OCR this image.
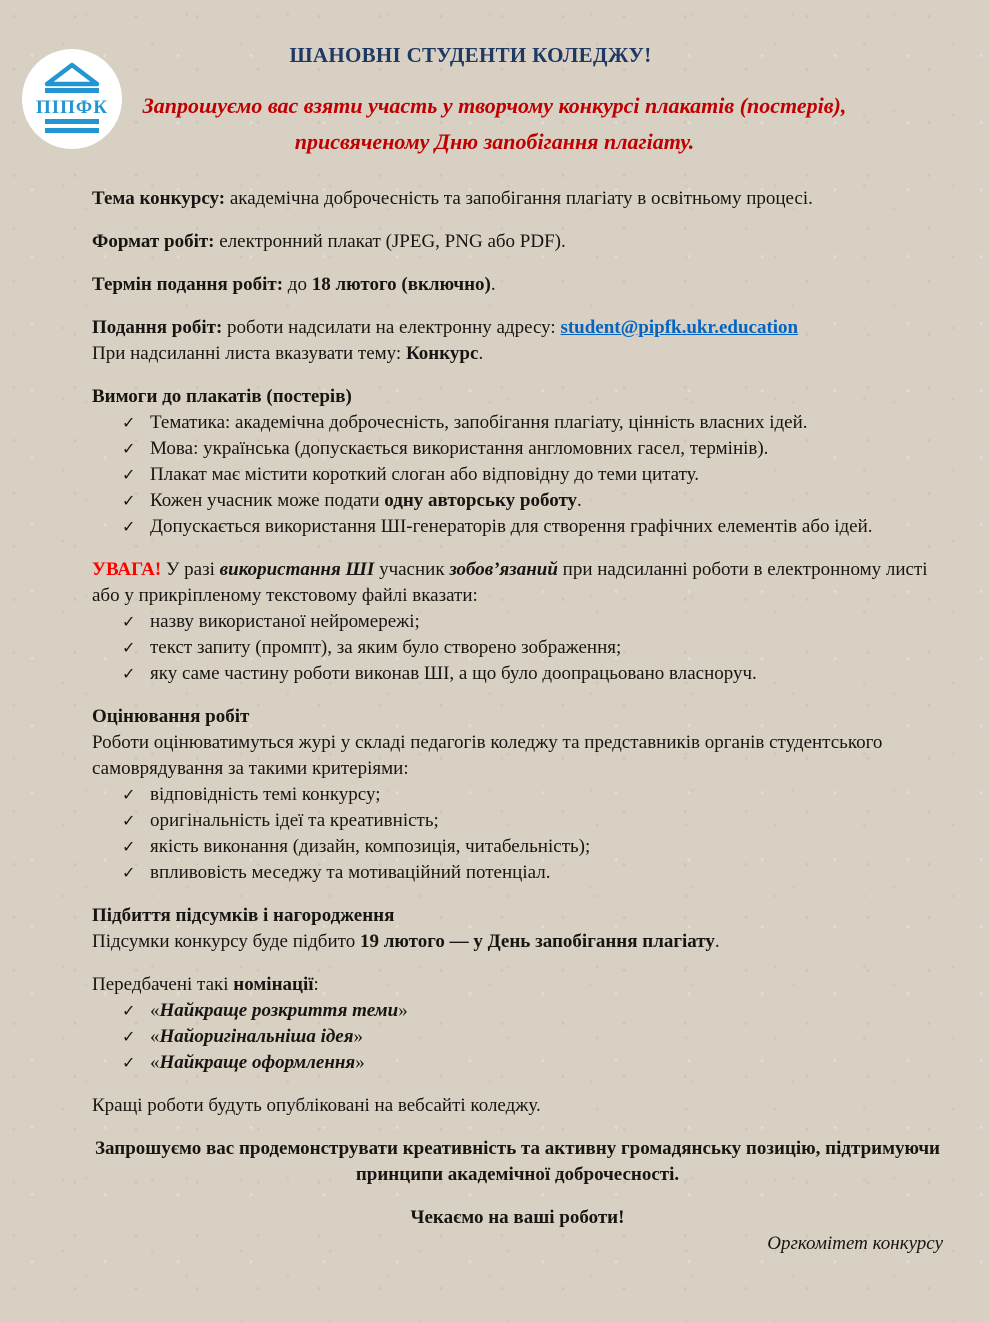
ПІПФК
ШАНОВНІ СТУДЕНТИ КОЛЕДЖУ!
Запрошуємо вас взяти участь у творчому конкурсі плакатів (постерів),
присвяченому Дню запобігання плагіату.
Тема конкурсу: академічна доброчесність та запобігання плагіату в освітньому процесі.
Формат робіт: електронний плакат (JPEG, PNG або PDF).
Термін подання робіт: до 18 лютого (включно).
Подання робіт: роботи надсилати на електронну адресу: student@pipfk.ukr.education
При надсиланні листа вказувати тему: Конкурс.
Вимоги до плакатів (постерів)
✓ Тематика: академічна доброчесність, запобігання плагіату, цінність власних ідей.
✓ Мова: українська (допускається використання англомовних гасел, термінів).
✓ Плакат має містити короткий слоган або відповідну до теми цитату.
✓ Кожен учасник може подати одну авторську роботу.
✓ Допускається використання ШІ-генераторів для створення графічних елементів або ідей.
УВАГА! У разі використання ШІ учасник зобов’язаний при надсиланні роботи в електронному листі або у прикріпленому текстовому файлі вказати:
✓ назву використаної нейромережі;
✓ текст запиту (промпт), за яким було створено зображення;
✓ яку саме частину роботи виконав ШІ, а що було доопрацьовано власноруч.
Оцінювання робіт
Роботи оцінюватимуться журі у складі педагогів коледжу та представників органів студентського самоврядування за такими критеріями:
✓ відповідність темі конкурсу;
✓ оригінальність ідеї та креативність;
✓ якість виконання (дизайн, композиція, читабельність);
✓ впливовість меседжу та мотиваційний потенціал.
Підбиття підсумків і нагородження
Підсумки конкурсу буде підбито 19 лютого — у День запобігання плагіату.
Передбачені такі номінації:
✓ «Найкраще розкриття теми»
✓ «Найоригінальніша ідея»
✓ «Найкраще оформлення»
Кращі роботи будуть опубліковані на вебсайті коледжу.
Запрошуємо вас продемонструвати креативність та активну громадянську позицію, підтримуючи принципи академічної доброчесності.
Чекаємо на ваші роботи!
Оргкомітет конкурсу
